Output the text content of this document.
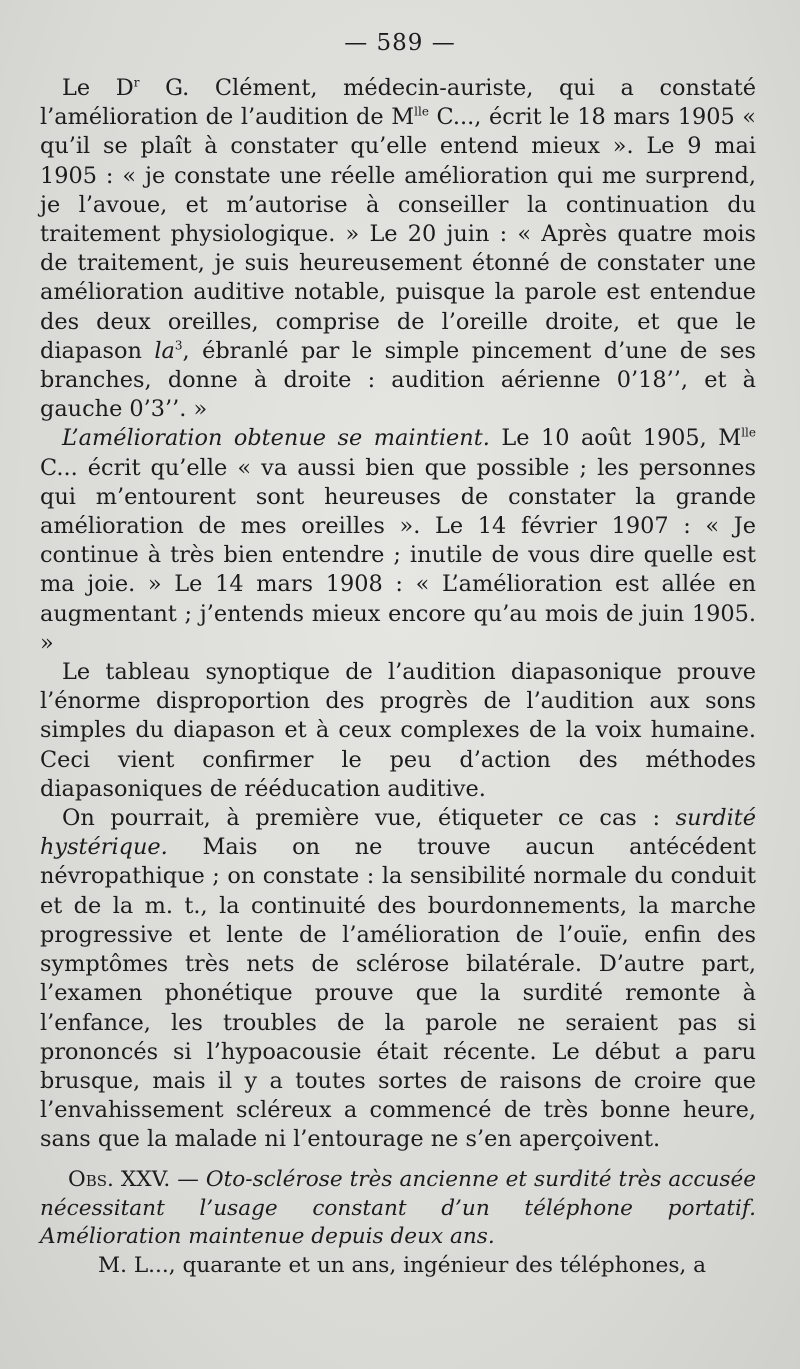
— 589 —

Le $D^r$ G. Clément, médecin-auriste, qui a constaté l’amélioration de l’audition de $M^{lle}$ C..., écrit le 18 mars 1905 « qu’il se plaît à constater qu’elle entend mieux ». Le 9 mai 1905 : « je constate une réelle amélioration qui me surprend, je l’avoue, et m’autorise à conseiller la continuation du traitement physiologique. » Le 20 juin : « Après quatre mois de traitement, je suis heureusement étonné de constater une amélioration auditive notable, puisque la parole est entendue des deux oreilles, comprise de l’oreille droite, et que le diapason $la^3$, ébranlé par le simple pincement d’une de ses branches, donne à droite : audition aérienne 0’18’’, et à gauche 0’3’’. »

L’amélioration obtenue se maintient. Le 10 août 1905, $M^{lle}$ C... écrit qu’elle « va aussi bien que possible ; les personnes qui m’entourent sont heureuses de constater la grande amélioration de mes oreilles ». Le 14 février 1907 : « Je continue à très bien entendre ; inutile de vous dire quelle est ma joie. » Le 14 mars 1908 : « L’amélioration est allée en augmentant ; j’entends mieux encore qu’au mois de juin 1905. »

Le tableau synoptique de l’audition diapasonique prouve l’énorme disproportion des progrès de l’audition aux sons simples du diapason et à ceux complexes de la voix humaine. Ceci vient confirmer le peu d’action des méthodes diapasoniques de rééducation auditive.

On pourrait, à première vue, étiqueter ce cas : surdité hystérique. Mais on ne trouve aucun antécédent névropathique ; on constate : la sensibilité normale du conduit et de la m. t., la continuité des bourdonnements, la marche progressive et lente de l’amélioration de l’ouïe, enfin des symptômes très nets de sclérose bilatérale. D’autre part, l’examen phonétique prouve que la surdité remonte à l’enfance, les troubles de la parole ne seraient pas si prononcés si l’hypoacousie était récente. Le début a paru brusque, mais il y a toutes sortes de raisons de croire que l’envahissement scléreux a commencé de très bonne heure, sans que la malade ni l’entourage ne s’en aperçoivent.

Obs. XXV. — Oto-sclérose très ancienne et surdité très accusée nécessitant l’usage constant d’un téléphone portatif. Amélioration maintenue depuis deux ans.

M. L..., quarante et un ans, ingénieur des téléphones, a
